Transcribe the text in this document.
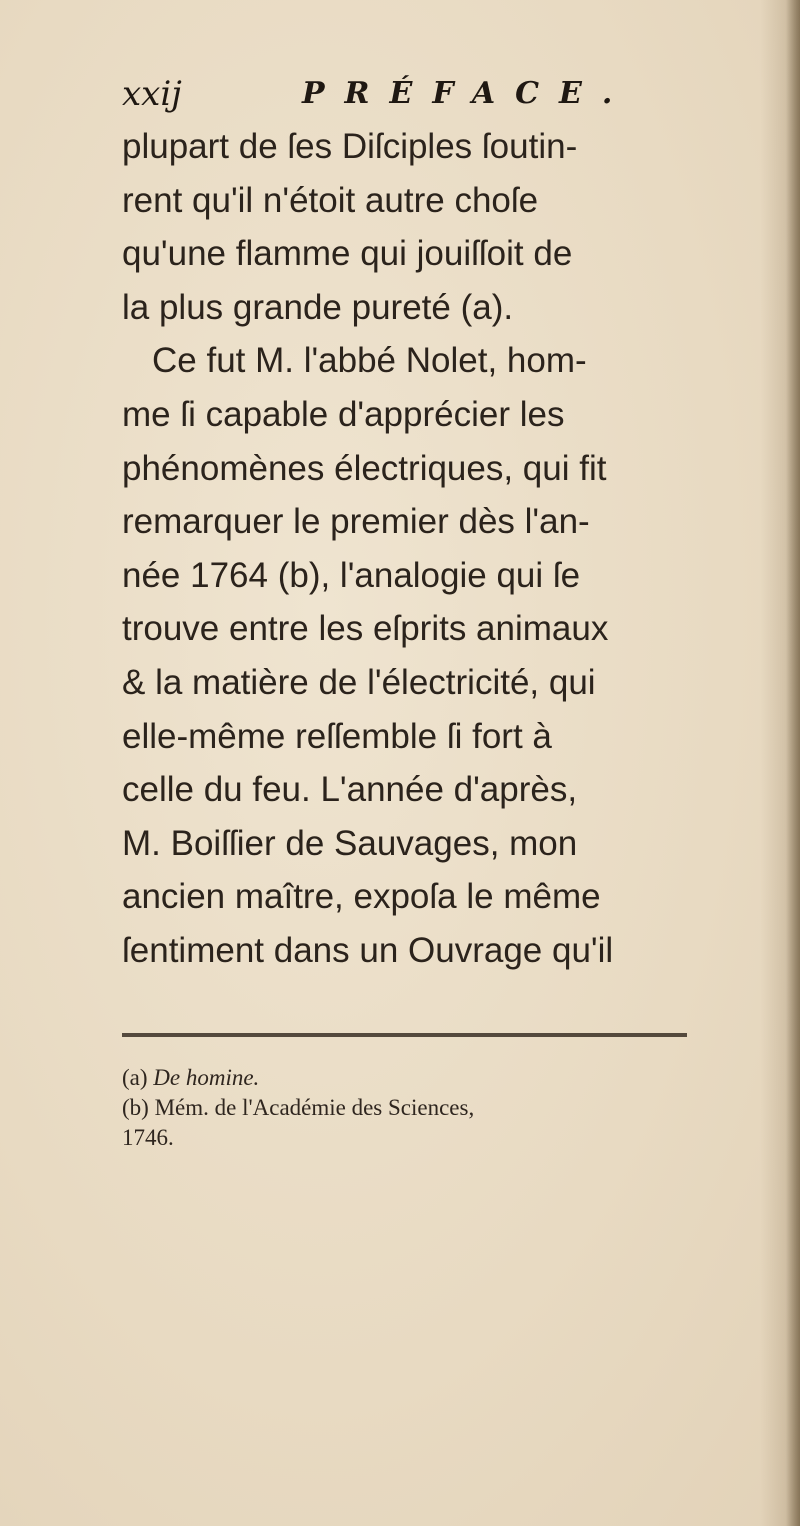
xxij	PRÉFACE.
plupart de ſes Diſciples ſoutin-
rent qu'il n'étoit autre choſe
qu'une flamme qui jouiſſoit de
la plus grande pureté (a).
Ce fut M. l'abbé Nolet, hom-
me ſi capable d'apprécier les
phénomènes électriques, qui fit
remarquer le premier dès l'an-
née 1764 (b), l'analogie qui ſe
trouve entre les eſprits animaux
& la matière de l'électricité, qui
elle-même reſſemble ſi fort à
celle du feu. L'année d'après,
M. Boiſſier de Sauvages, mon
ancien maître, expoſa le même
ſentiment dans un Ouvrage qu'il
(a) De homine.
(b) Mém. de l'Académie des Sciences,
1746.
